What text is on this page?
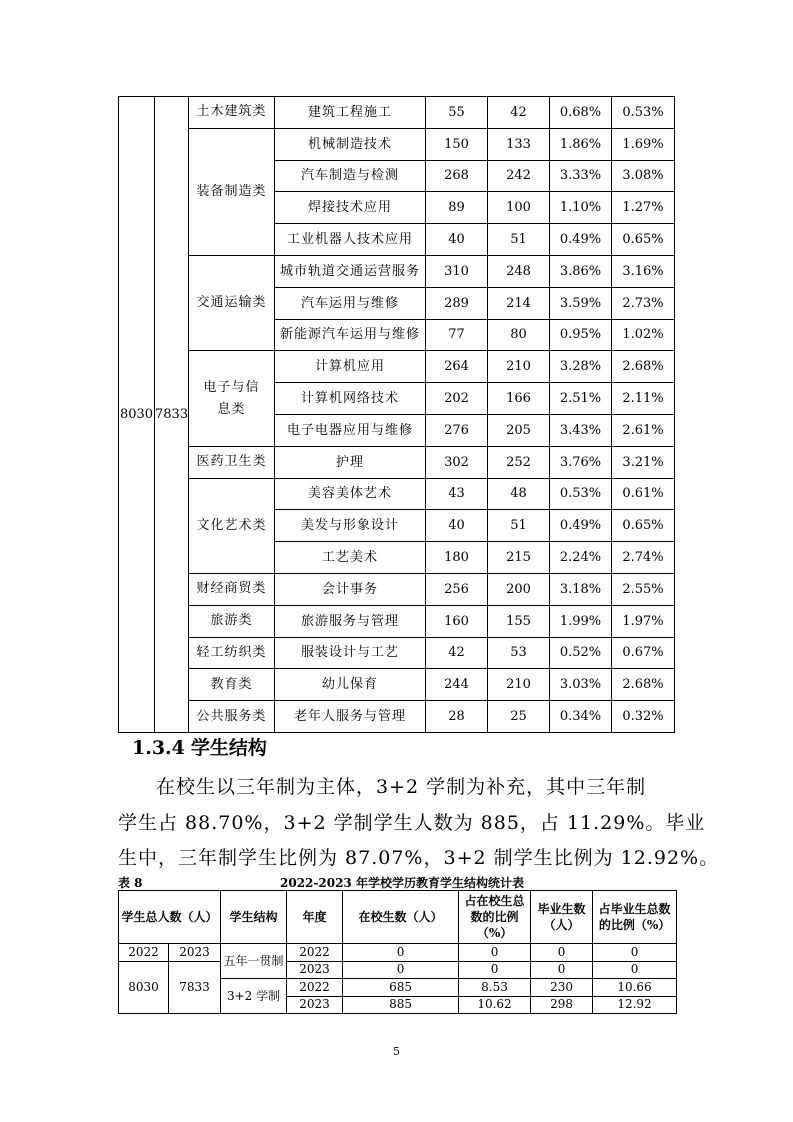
8030	7833	土木建筑类	建筑工程施工	55	42	0.68%	0.53%
		装备制造类	机械制造技术	150	133	1.86%	1.69%
			汽车制造与检测	268	242	3.33%	3.08%
			焊接技术应用	89	100	1.10%	1.27%
			工业机器人技术应用	40	51	0.49%	0.65%
		交通运输类	城市轨道交通运营服务	310	248	3.86%	3.16%
			汽车运用与维修	289	214	3.59%	2.73%
			新能源汽车运用与维修	77	80	0.95%	1.02%
		电子与信息类	计算机应用	264	210	3.28%	2.68%
			计算机网络技术	202	166	2.51%	2.11%
			电子电器应用与维修	276	205	3.43%	2.61%
		医药卫生类	护理	302	252	3.76%	3.21%
		文化艺术类	美容美体艺术	43	48	0.53%	0.61%
			美发与形象设计	40	51	0.49%	0.65%
			工艺美术	180	215	2.24%	2.74%
		财经商贸类	会计事务	256	200	3.18%	2.55%
		旅游类	旅游服务与管理	160	155	1.99%	1.97%
		轻工纺织类	服装设计与工艺	42	53	0.52%	0.67%
		教育类	幼儿保育	244	210	3.03%	2.68%
		公共服务类	老年人服务与管理	28	25	0.34%	0.32%
1.3.4 学生结构
在校生以三年制为主体，3+2 学制为补充，其中三年制
学生占 88.70%，3+2 学制学生人数为 885，占 11.29%。毕业
生中，三年制学生比例为 87.07%，3+2 制学生比例为 12.92%。
表 8	2022-2023 年学校学历教育学生结构统计表
学生总人数（人）		学生结构	年度	在校生数（人）	占在校生总数的比例（%）	毕业生数（人）	占毕业生总数的比例（%）
2022	2023	五年一贯制	2022	0	0	0	0
8030	7833		2023	0	0	0	0
		3+2 学制	2022	685	8.53	230	10.66
			2023	885	10.62	298	12.92
5
